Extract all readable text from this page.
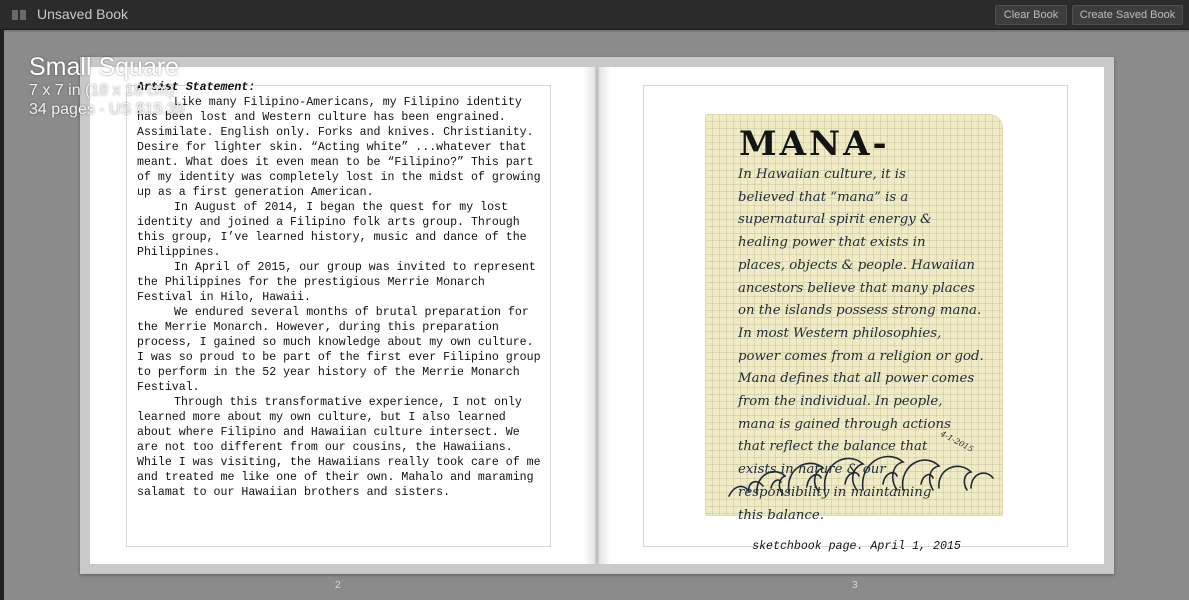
Unsaved Book	Clear Book	Create Saved Book
Artist Statement:

Like many Filipino-Americans, my Filipino identity has been lost and Western culture has been engrained. Assimilate. English only. Forks and knives. Christianity. Desire for lighter skin. “Acting white” ...whatever that meant. What does it even mean to be “Filipino?” This part of my identity was completely lost in the midst of growing up as a first generation American.

In August of 2014, I began the quest for my lost identity and joined a Filipino folk arts group. Through this group, I’ve learned history, music and dance of the Philippines.

In April of 2015, our group was invited to represent the Philippines for the prestigious Merrie Monarch Festival in Hilo, Hawaii.

We endured several months of brutal preparation for the Merrie Monarch. However, during this preparation process, I gained so much knowledge about my own culture. I was so proud to be part of the first ever Filipino group to perform in the 52 year history of the Merrie Monarch Festival.

Through this transformative experience, I not only learned more about my own culture, but I also learned about where Filipino and Hawaiian culture intersect. We are not too different from our cousins, the Hawaiians. While I was visiting, the Hawaiians really took care of me and treated me like one of their own. Mahalo and maraming salamat to our Hawaiian brothers and sisters.

MANA-
In Hawaiian culture, it is
believed that “mana” is a
supernatural spirit energy &
healing power that exists in
places, objects & people. Hawaiian
ancestors believe that many places
on the islands possess strong mana.
In most Western philosophies,
power comes from a religion or god.
Mana defines that all power comes
from the individual. In people,
mana is gained through actions
that reflect the balance that
exists in nature & our
responsibility in maintaining
this balance.
4-1-2015
sketchbook page. April 1, 2015
2	3
Small Square
7 x 7 in (18 x 18 cm)
34 pages - US $15.39
